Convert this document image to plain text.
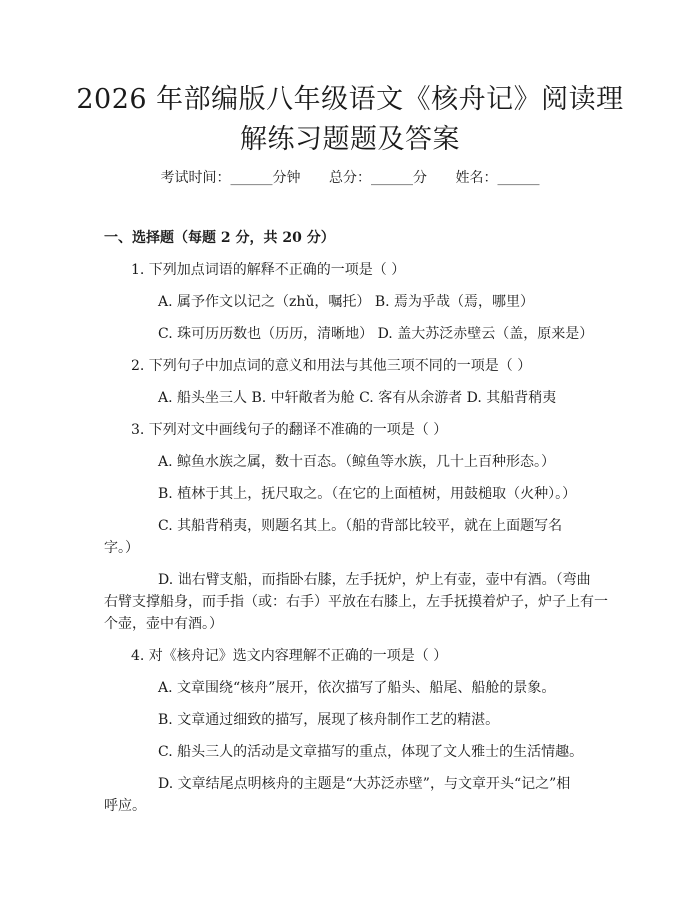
2026 年部编版八年级语文《核舟记》阅读理
解练习题题及答案
考试时间：______分钟 总分：______分 姓名：______
一、选择题（每题 2 分，共 20 分）
1. 下列加点词语的解释不正确的一项是（ ）
A. 属予作文以记之（zhǔ，嘱托） B. 焉为乎哉（焉，哪里）
C. 珠可历历数也（历历，清晰地） D. 盖大苏泛赤壁云（盖，原来是）
2. 下列句子中加点词的意义和用法与其他三项不同的一项是（ ）
A. 船头坐三人 B. 中轩敞者为舱 C. 客有从余游者 D. 其船背稍夷
3. 下列对文中画线句子的翻译不准确的一项是（ ）
A. 鲸鱼水族之属，数十百态。（鲸鱼等水族，几十上百种形态。）
B. 植林于其上，抚尺取之。（在它的上面植树，用鼓槌取（火种）。）
C. 其船背稍夷，则题名其上。（船的背部比较平，就在上面题写名
字。）
D. 诎右臂支船，而指卧右膝，左手抚炉，炉上有壶，壶中有酒。（弯曲
右臂支撑船身，而手指（或：右手）平放在右膝上，左手抚摸着炉子，炉子上有一
个壶，壶中有酒。）
4. 对《核舟记》选文内容理解不正确的一项是（ ）
A. 文章围绕“核舟”展开，依次描写了船头、船尾、船舱的景象。
B. 文章通过细致的描写，展现了核舟制作工艺的精湛。
C. 船头三人的活动是文章描写的重点，体现了文人雅士的生活情趣。
D. 文章结尾点明核舟的主题是“大苏泛赤壁”，与文章开头“记之”相
呼应。
